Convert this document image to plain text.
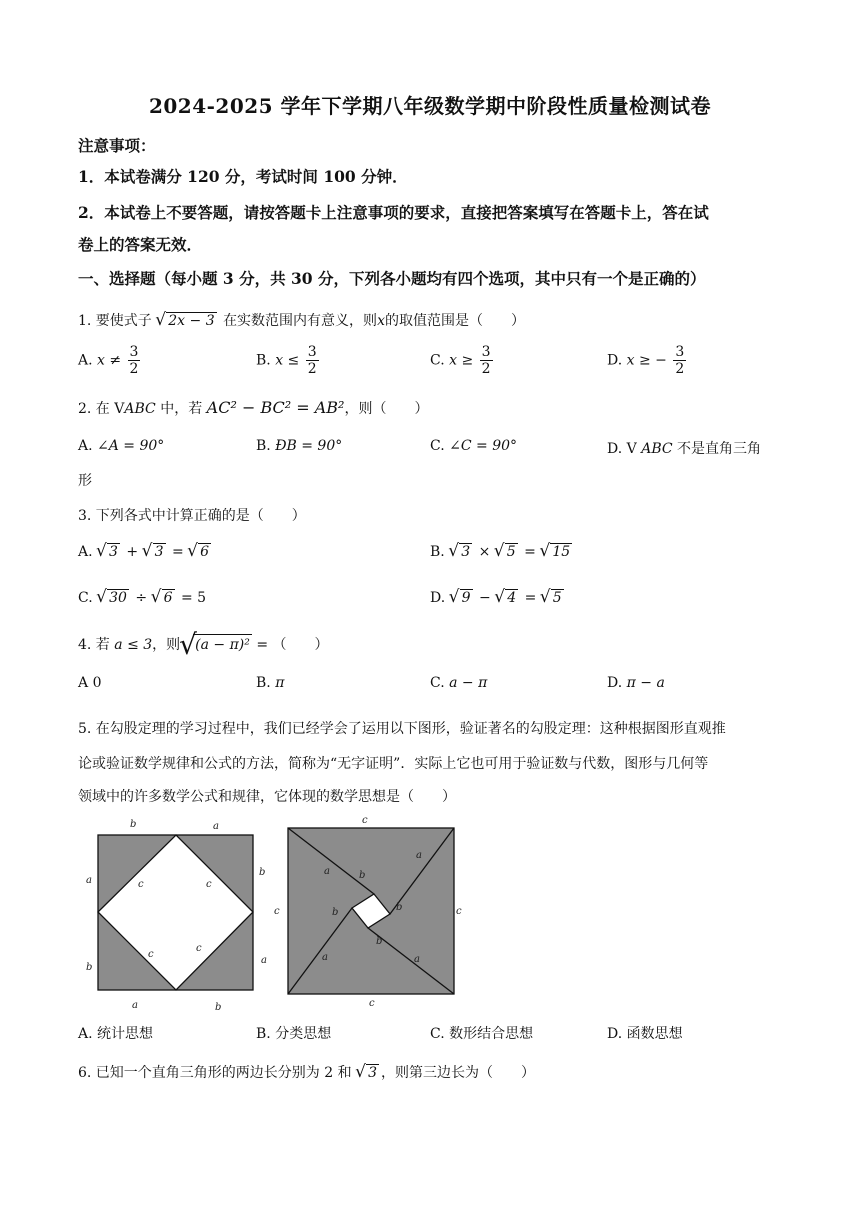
2024-2025 学年下学期八年级数学期中阶段性质量检测试卷
注意事项：
1．本试卷满分 120 分，考试时间 100 分钟．
2．本试卷上不要答题，请按答题卡上注意事项的要求，直接把答案填写在答题卡上，答在试
卷上的答案无效．
一、选择题（每小题 3 分，共 30 分，下列各小题均有四个选项，其中只有一个是正确的）
1. 要使式子 √ 2x − 3 在实数范围内有意义，则x的取值范围是（　　）
A. $x \ne \frac{3}{2}$	B. $x \le \frac{3}{2}$	C. $x \ge \frac{3}{2}$	D. x ≥ − $\frac{3}{2}$
2. 在 VABC 中，若 AC² − BC² = AB²，则（　　）
A. ∠A = 90°	B. ÐB = 90°	C. ∠C = 90°	D. V ABC 不是直角三角
形
3. 下列各式中计算正确的是（　　）
A. √ 3 + √ 3 = √ 6	B. √ 3 × √ 5 = √ 15
C. √ 30 ÷ √ 6 = 5	D. √ 9 − √ 4 = √ 5
4. 若 a ≤ 3，则 √ (a − π)² = （　　）
A 0	B. π	C. a − π	D. π − a
5. 在勾股定理的学习过程中，我们已经学会了运用以下图形，验证著名的勾股定理：这种根据图形直观推
论或验证数学规律和公式的方法，简称为“无字证明”．实际上它也可用于验证数与代数，图形与几何等
领域中的许多数学公式和规律，它体现的数学思想是（　　）
b	a
a
b
b
a
a	b
c	c
c
c
c
c	c
c
a
a
a
a
b
b
b
b
A. 统计思想	B. 分类思想	C. 数形结合思想	D. 函数思想
6. 已知一个直角三角形的两边长分别为 2 和 √ 3 ，则第三边长为（　　）
